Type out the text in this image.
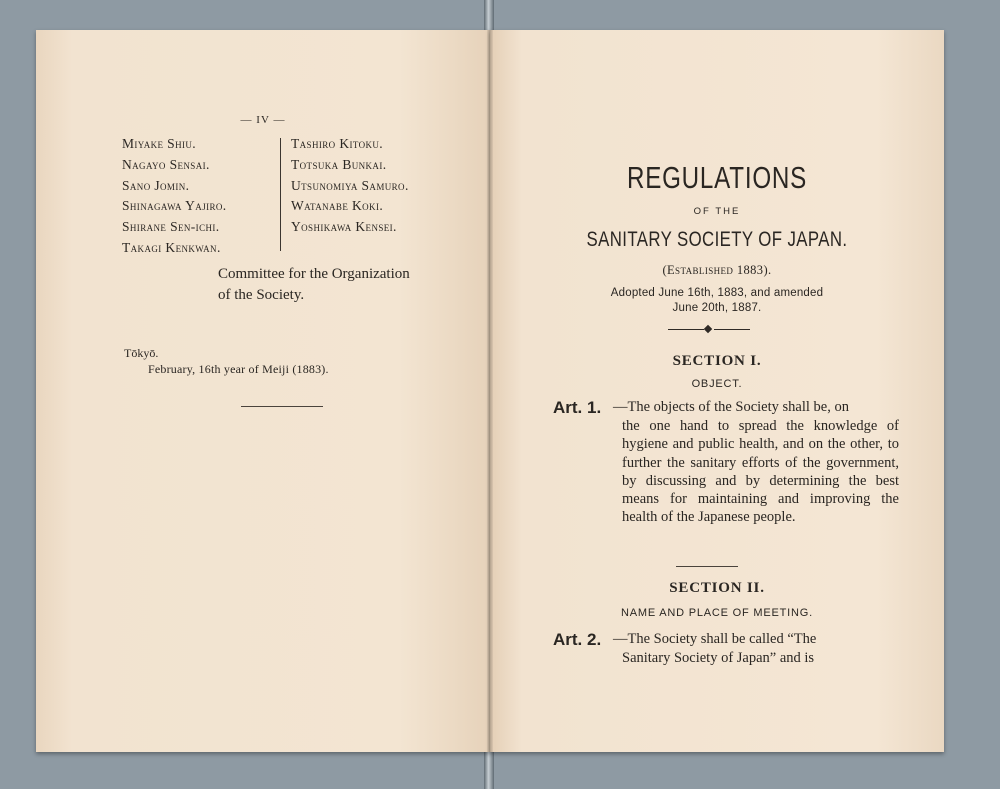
— IV —
Miyake Shiu.
Nagayo Sensai.
Sano Jomin.
Shinagawa Yajiro.
Shirane Sen-ichi.
Takagi Kenkwan.
Tashiro Kitoku.
Totsuka Bunkai.
Utsunomiya Samuro.
Watanabe Koki.
Yoshikawa Kensei.
Committee for the Organization
of the Society.
Tōkyō.
February, 16th year of Meiji (1883).
REGULATIONS
OF THE
SANITARY SOCIETY OF JAPAN.
(Established 1883).
Adopted June 16th, 1883, and amended
June 20th, 1887.
SECTION I.
OBJECT.
Art. 1. —The objects of the Society shall be, on
the one hand to spread the knowledge of hygiene and public health, and on the other, to further the sanitary efforts of the government, by discussing and by determining the best means for maintaining and improving the health of the Japanese people.
SECTION II.
NAME AND PLACE OF MEETING.
Art. 2. —The Society shall be called “The
Sanitary Society of Japan” and is
